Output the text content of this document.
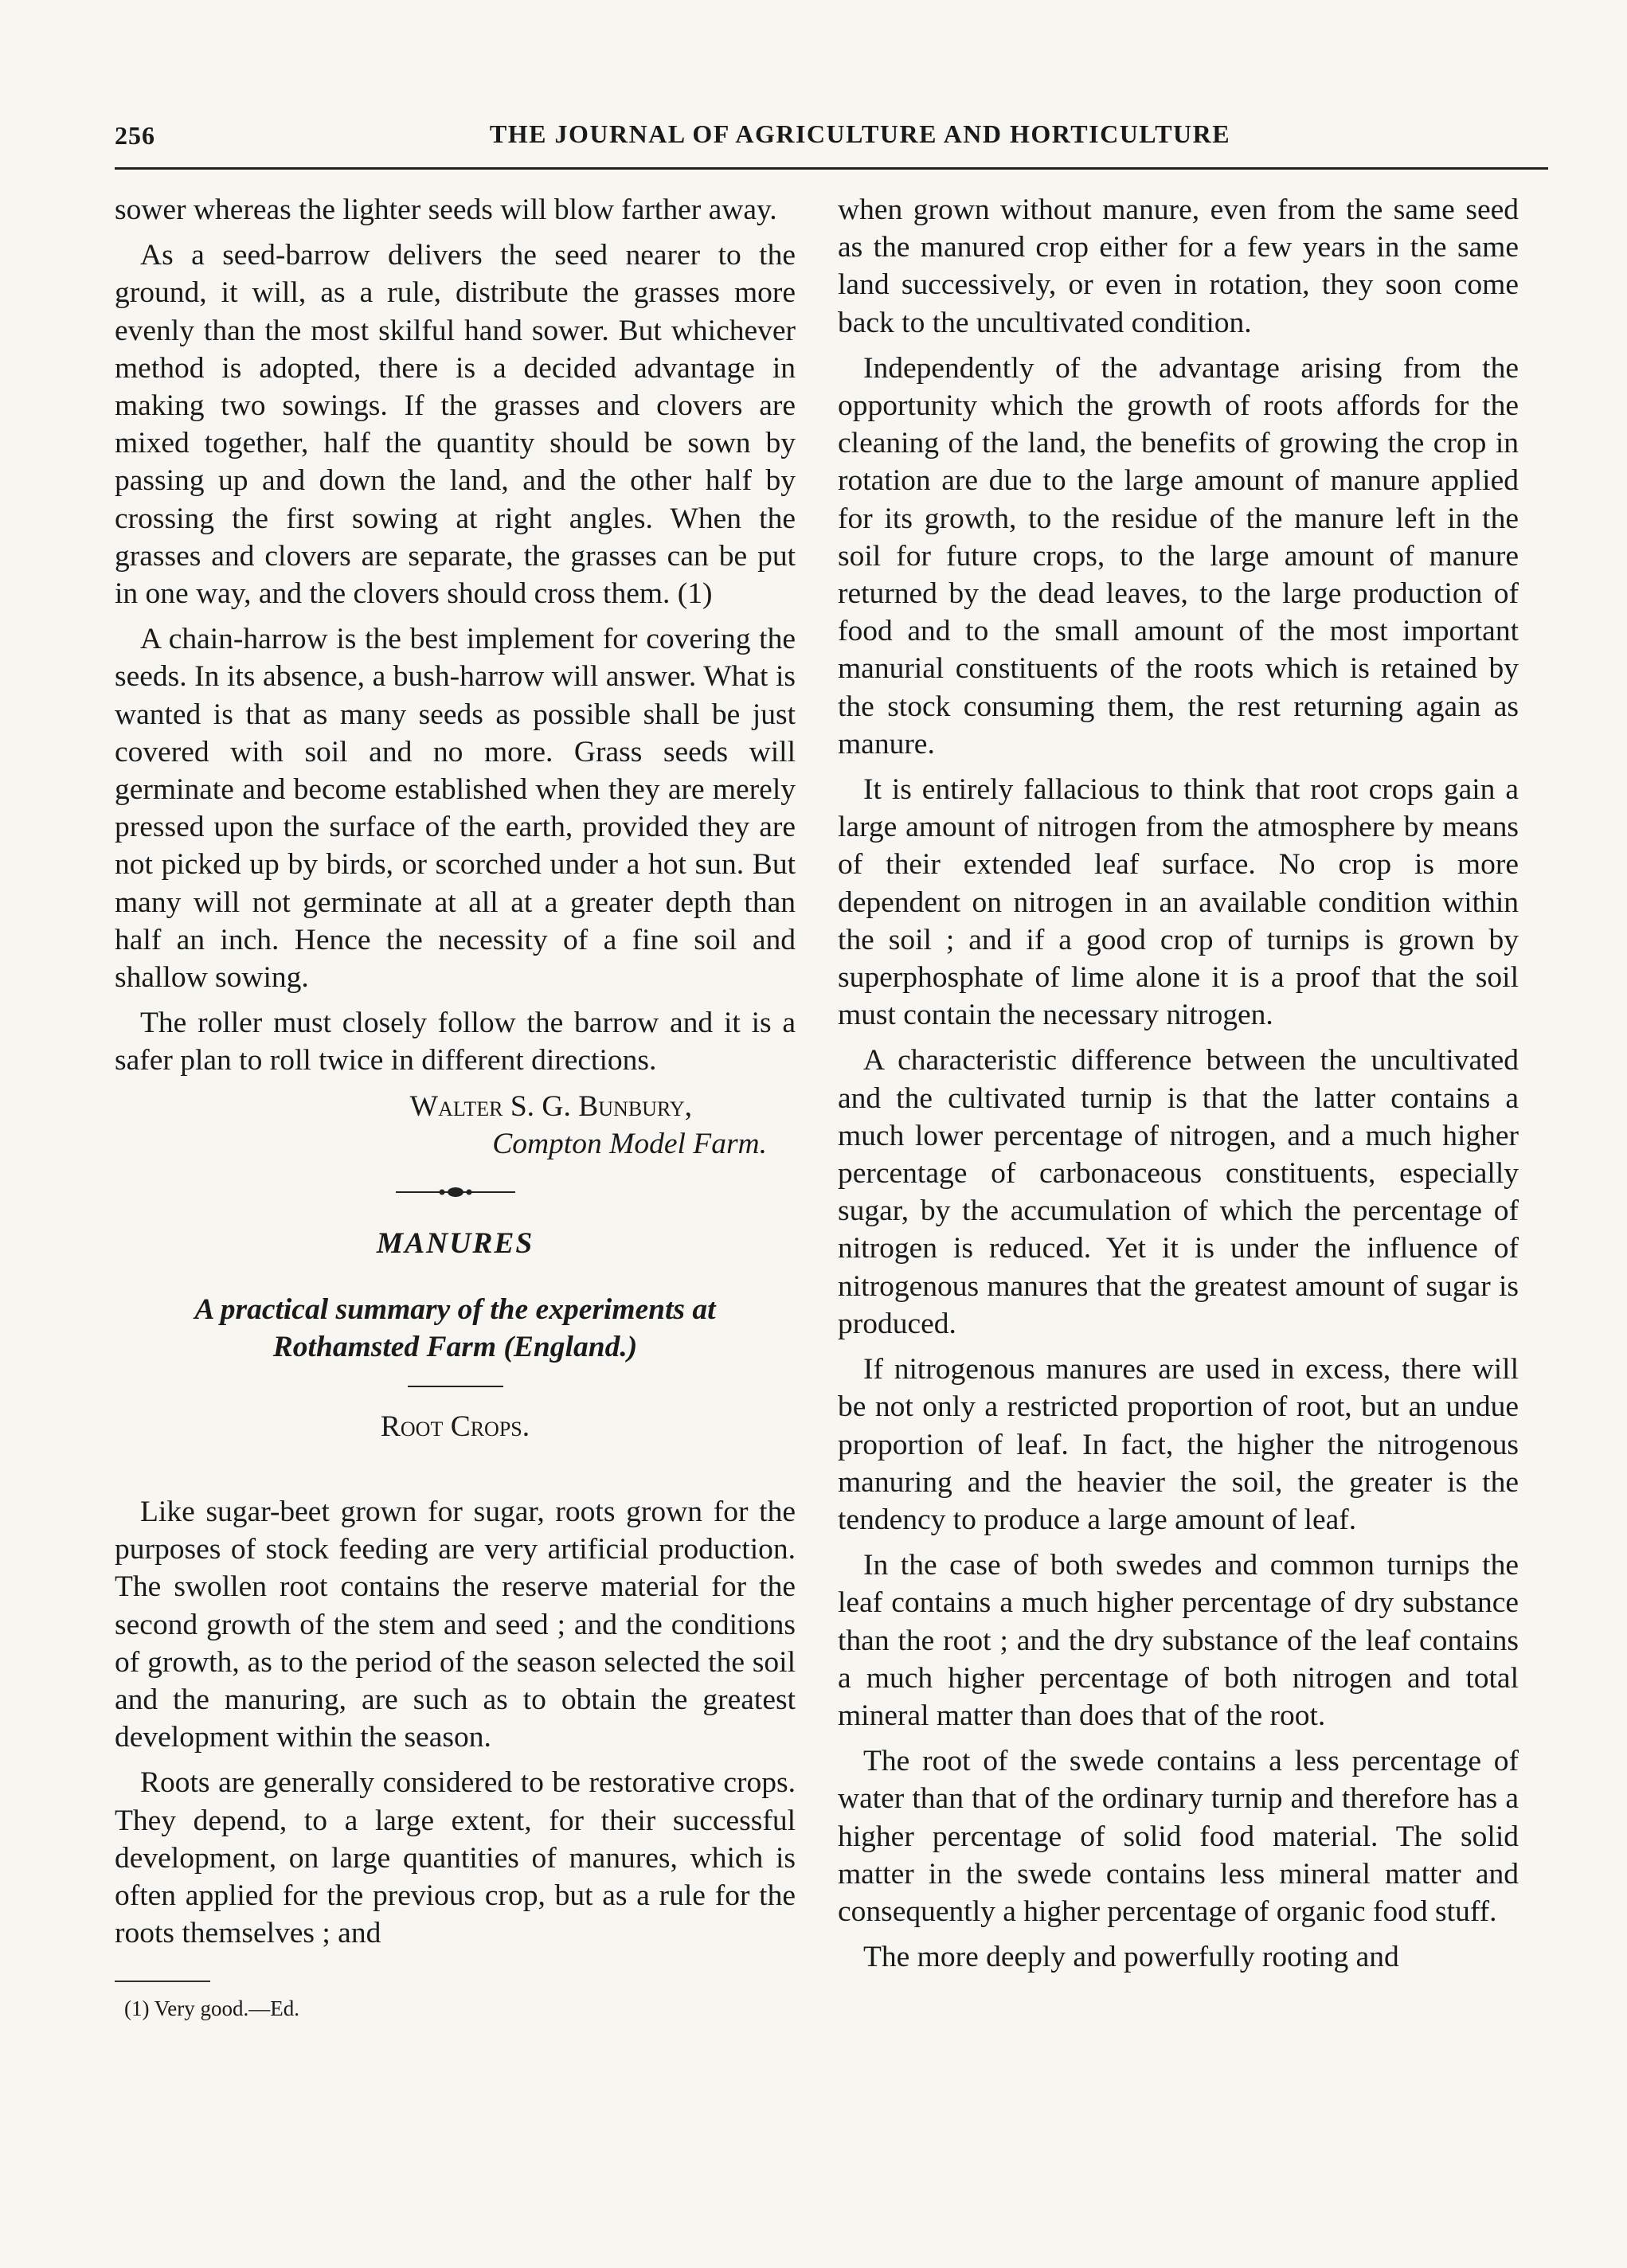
256	THE JOURNAL OF AGRICULTURE AND HORTICULTURE

sower whereas the lighter seeds will blow farther away.

As a seed-barrow delivers the seed nearer to the ground, it will, as a rule, distribute the grasses more evenly than the most skilful hand sower. But whichever method is adopted, there is a decided advantage in making two sowings. If the grasses and clovers are mixed together, half the quantity should be sown by passing up and down the land, and the other half by crossing the first sowing at right angles. When the grasses and clovers are separate, the grasses can be put in one way, and the clovers should cross them. (1)

A chain-harrow is the best implement for covering the seeds. In its absence, a bush-harrow will answer. What is wanted is that as many seeds as possible shall be just covered with soil and no more. Grass seeds will germinate and become established when they are merely pressed upon the surface of the earth, provided they are not picked up by birds, or scorched under a hot sun. But many will not germinate at all at a greater depth than half an inch. Hence the necessity of a fine soil and shallow sowing.

The roller must closely follow the barrow and it is a safer plan to roll twice in different directions.

Walter S. G. Bunbury,
Compton Model Farm.
MANURES
A practical summary of the experiments at Rothamsted Farm (England.)
Root Crops.

Like sugar-beet grown for sugar, roots grown for the purposes of stock feeding are very artificial production. The swollen root contains the reserve material for the second growth of the stem and seed ; and the conditions of growth, as to the period of the season selected the soil and the manuring, are such as to obtain the greatest development within the season.

Roots are generally considered to be restorative crops. They depend, to a large extent, for their successful development, on large quantities of manures, which is often applied for the previous crop, but as a rule for the roots themselves ; and

(1) Very good.—Ed.

when grown without manure, even from the same seed as the manured crop either for a few years in the same land successively, or even in rotation, they soon come back to the uncultivated condition.

Independently of the advantage arising from the opportunity which the growth of roots affords for the cleaning of the land, the benefits of growing the crop in rotation are due to the large amount of manure applied for its growth, to the residue of the manure left in the soil for future crops, to the large amount of manure returned by the dead leaves, to the large production of food and to the small amount of the most important manurial constituents of the roots which is retained by the stock consuming them, the rest returning again as manure.

It is entirely fallacious to think that root crops gain a large amount of nitrogen from the atmosphere by means of their extended leaf surface. No crop is more dependent on nitrogen in an available condition within the soil ; and if a good crop of turnips is grown by superphosphate of lime alone it is a proof that the soil must contain the necessary nitrogen.

A characteristic difference between the uncultivated and the cultivated turnip is that the latter contains a much lower percentage of nitrogen, and a much higher percentage of carbonaceous constituents, especially sugar, by the accumulation of which the percentage of nitrogen is reduced. Yet it is under the influence of nitrogenous manures that the greatest amount of sugar is produced.

If nitrogenous manures are used in excess, there will be not only a restricted proportion of root, but an undue proportion of leaf. In fact, the higher the nitrogenous manuring and the heavier the soil, the greater is the tendency to produce a large amount of leaf.

In the case of both swedes and common turnips the leaf contains a much higher percentage of dry substance than the root ; and the dry substance of the leaf contains a much higher percentage of both nitrogen and total mineral matter than does that of the root.

The root of the swede contains a less percentage of water than that of the ordinary turnip and therefore has a higher percentage of solid food material. The solid matter in the swede contains less mineral matter and consequently a higher percentage of organic food stuff.

The more deeply and powerfully rooting and
